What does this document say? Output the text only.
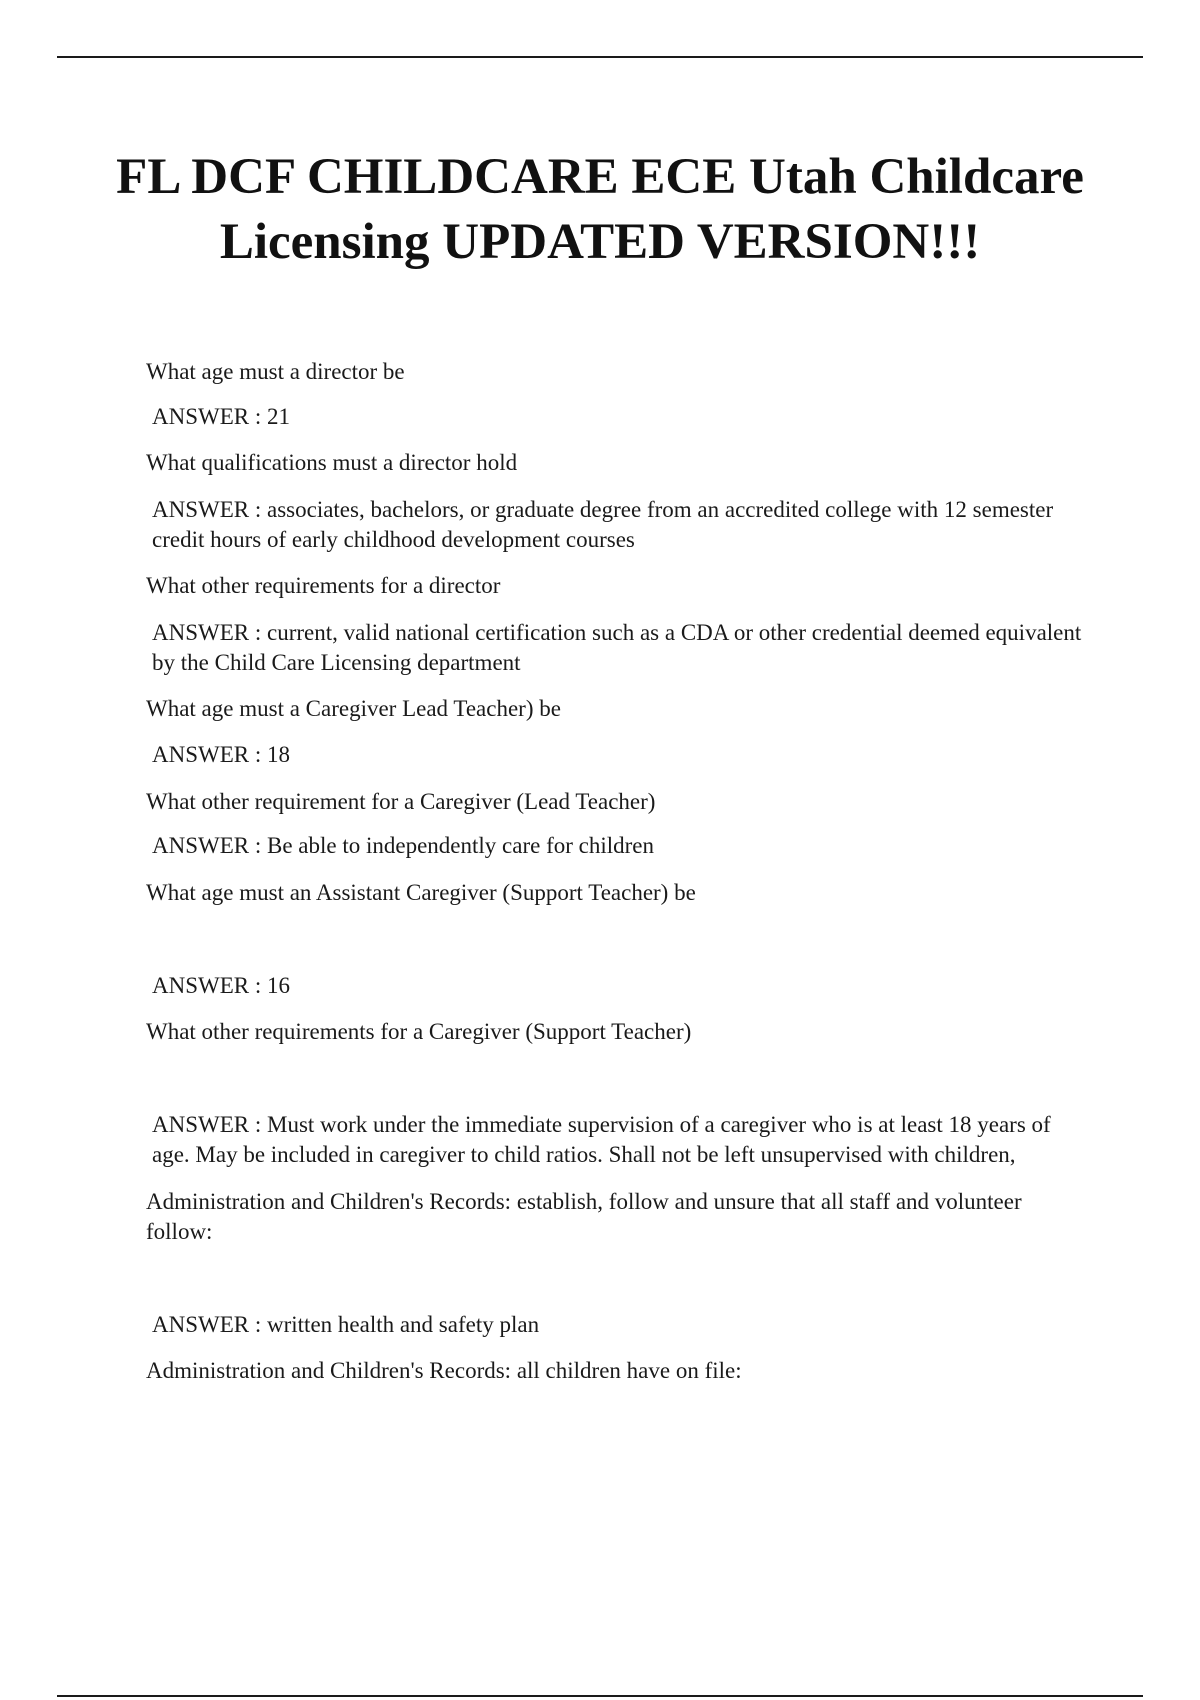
FL DCF CHILDCARE ECE Utah Childcare Licensing UPDATED VERSION!!!

What age must a director be

ANSWER : 21

What qualifications must a director hold

ANSWER : associates, bachelors, or graduate degree from an accredited college with 12 semester credit hours of early childhood development courses

What other requirements for a director

ANSWER : current, valid national certification such as a CDA or other credential deemed equivalent by the Child Care Licensing department

What age must a Caregiver Lead Teacher) be

ANSWER : 18

What other requirement for a Caregiver (Lead Teacher)

ANSWER : Be able to independently care for children

What age must an Assistant Caregiver (Support Teacher) be

ANSWER : 16

What other requirements for a Caregiver (Support Teacher)

ANSWER : Must work under the immediate supervision of a caregiver who is at least 18 years of age. May be included in caregiver to child ratios. Shall not be left unsupervised with children,

Administration and Children's Records: establish, follow and unsure that all staff and volunteer follow:

ANSWER : written health and safety plan

Administration and Children's Records: all children have on file:
